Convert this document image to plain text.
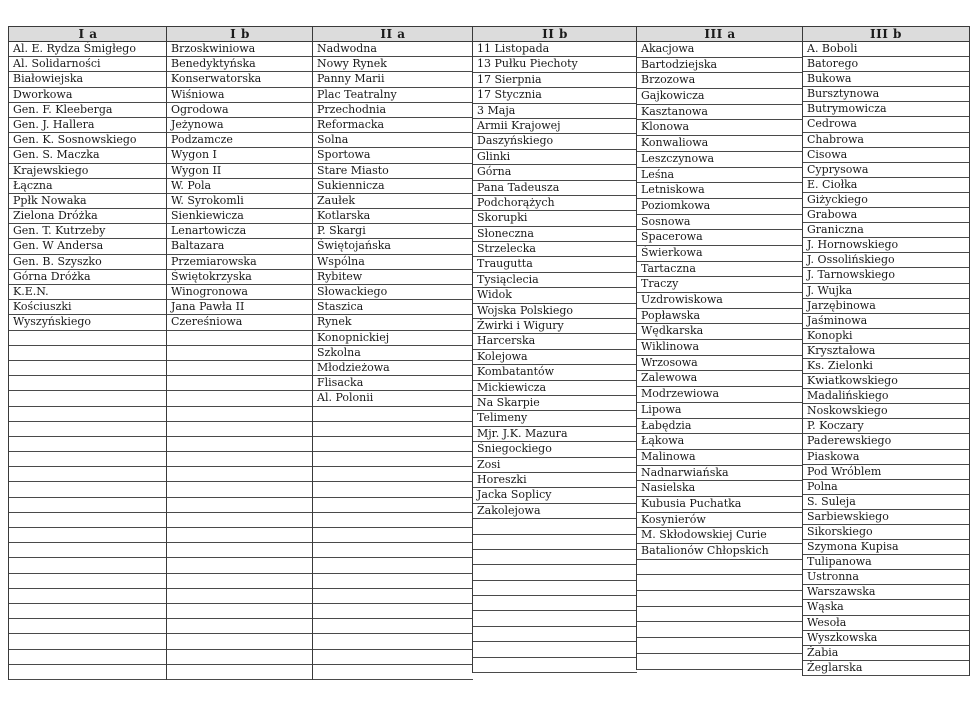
I a
Al. E. Rydza Śmigłego
Al. Solidarności
Białowiejska
Dworkowa
Gen. F. Kleeberga
Gen. J. Hallera
Gen. K. Sosnowskiego
Gen. S. Maczka
Krajewskiego
Łączna
Ppłk Nowaka
Zielona Dróżka
Gen. T. Kutrzeby
Gen. W Andersa
Gen. B. Szyszko
Górna Dróżka
K.E.N.
Kościuszki
Wyszyńskiego
I b
Brzoskwiniowa
Benedyktyńska
Konserwatorska
Wiśniowa
Ogrodowa
Jeżynowa
Podzamcze
Wygon I
Wygon II
W. Pola
W. Syrokomli
Sienkiewicza
Lenartowicza
Baltazara
Przemiarowska
Świętokrzyska
Winogronowa
Jana Pawła II
Czereśniowa
II a
Nadwodna
Nowy Rynek
Panny Marii
Plac Teatralny
Przechodnia
Reformacka
Solna
Sportowa
Stare Miasto
Sukiennicza
Zaułek
Kotlarska
P. Skargi
Świętojańska
Wspólna
Rybitew
Słowackiego
Staszica
Rynek
Konopnickiej
Szkolna
Młodzieżowa
Flisacka
Al. Polonii
II b
11 Listopada
13 Pułku Piechoty
17 Sierpnia
17 Stycznia
3 Maja
Armii Krajowej
Daszyńskiego
Glinki
Górna
Pana Tadeusza
Podchorążych
Skorupki
Słoneczna
Strzelecka
Traugutta
Tysiąclecia
Widok
Wojska Polskiego
Żwirki i Wigury
Harcerska
Kolejowa
Kombatantów
Mickiewicza
Na Skarpie
Telimeny
Mjr. J.K. Mazura
Śniegockiego
Zosi
Horeszki
Jacka Soplicy
Zakolejowa
III a
Akacjowa
Bartodziejska
Brzozowa
Gajkowicza
Kasztanowa
Klonowa
Konwaliowa
Leszczynowa
Leśna
Letniskowa
Poziomkowa
Sosnowa
Spacerowa
Świerkowa
Tartaczna
Traczy
Uzdrowiskowa
Popławska
Wędkarska
Wiklinowa
Wrzosowa
Zalewowa
Modrzewiowa
Lipowa
Łabędzia
Łąkowa
Malinowa
Nadnarwiańska
Nasielska
Kubusia Puchatka
Kosynierów
M. Skłodowskiej Curie
Batalionów Chłopskich
III b
A. Boboli
Batorego
Bukowa
Bursztynowa
Butrymowicza
Cedrowa
Chabrowa
Cisowa
Cyprysowa
E. Ciołka
Giżyckiego
Grabowa
Graniczna
J. Hornowskiego
J. Ossolińskiego
J. Tarnowskiego
J. Wujka
Jarzębinowa
Jaśminowa
Konopki
Kryształowa
Ks. Zielonki
Kwiatkowskiego
Madalińskiego
Noskowskiego
P. Koczary
Paderewskiego
Piaskowa
Pod Wróblem
Polna
S. Suleja
Sarbiewskiego
Sikorskiego
Szymona Kupisa
Tulipanowa
Ustronna
Warszawska
Wąska
Wesoła
Wyszkowska
Żabia
Żeglarska
